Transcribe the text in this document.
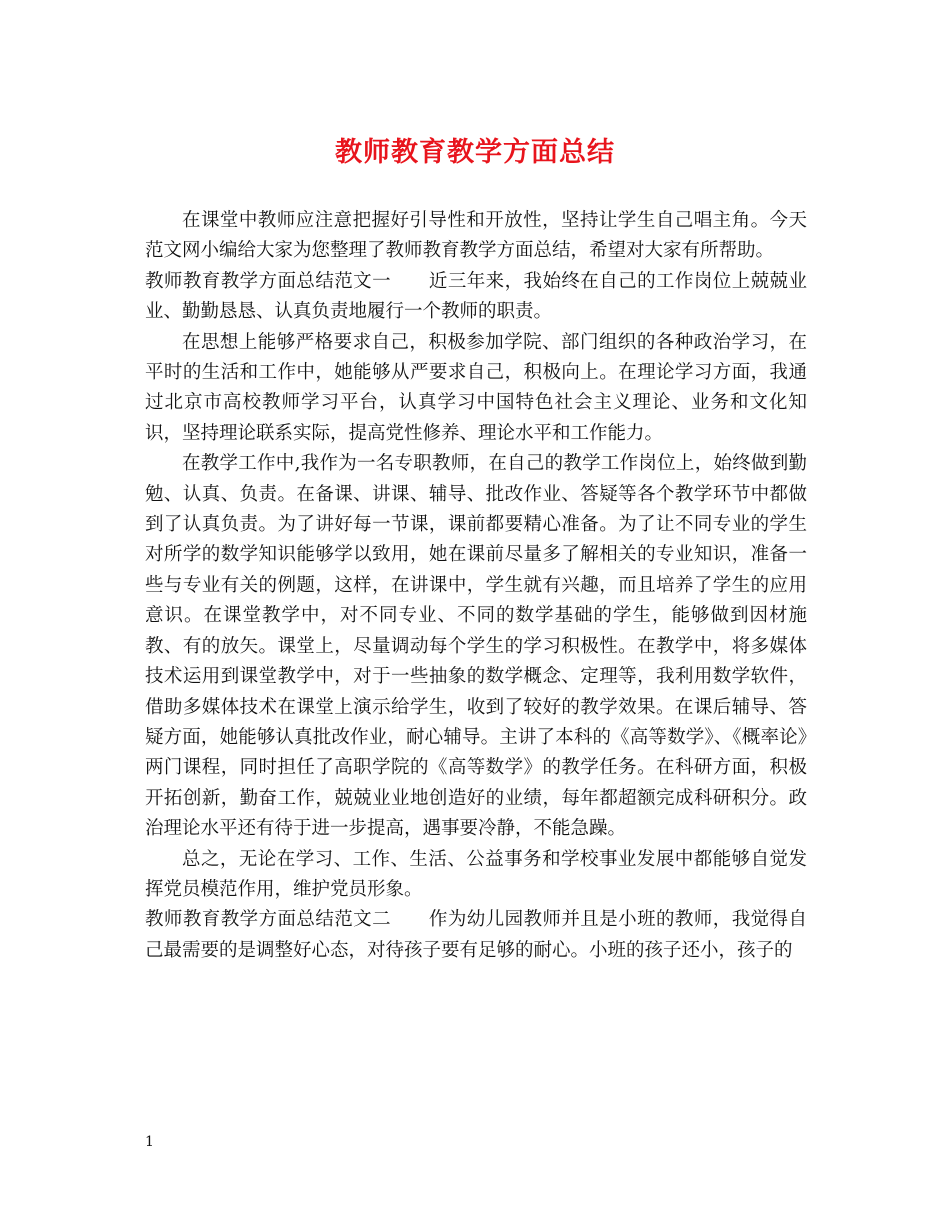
教师教育教学方面总结

在课堂中教师应注意把握好引导性和开放性，坚持让学生自己唱主角。今天范文网小编给大家为您整理了教师教育教学方面总结，希望对大家有所帮助。

教师教育教学方面总结范文一　　近三年来，我始终在自己的工作岗位上兢兢业业、勤勤恳恳、认真负责地履行一个教师的职责。

在思想上能够严格要求自己，积极参加学院、部门组织的各种政治学习，在平时的生活和工作中，她能够从严要求自己，积极向上。在理论学习方面，我通过北京市高校教师学习平台，认真学习中国特色社会主义理论、业务和文化知识，坚持理论联系实际，提高党性修养、理论水平和工作能力。

在教学工作中,我作为一名专职教师，在自己的教学工作岗位上，始终做到勤勉、认真、负责。在备课、讲课、辅导、批改作业、答疑等各个教学环节中都做到了认真负责。为了讲好每一节课，课前都要精心准备。为了让不同专业的学生对所学的数学知识能够学以致用，她在课前尽量多了解相关的专业知识，准备一些与专业有关的例题，这样，在讲课中，学生就有兴趣，而且培养了学生的应用意识。在课堂教学中，对不同专业、不同的数学基础的学生，能够做到因材施教、有的放矢。课堂上，尽量调动每个学生的学习积极性。在教学中，将多媒体技术运用到课堂教学中，对于一些抽象的数学概念、定理等，我利用数学软件，借助多媒体技术在课堂上演示给学生，收到了较好的教学效果。在课后辅导、答疑方面，她能够认真批改作业，耐心辅导。主讲了本科的《高等数学》、《概率论》两门课程，同时担任了高职学院的《高等数学》的教学任务。在科研方面，积极开拓创新，勤奋工作，兢兢业业地创造好的业绩，每年都超额完成科研积分。政治理论水平还有待于进一步提高，遇事要冷静，不能急躁。

总之，无论在学习、工作、生活、公益事务和学校事业发展中都能够自觉发挥党员模范作用，维护党员形象。

教师教育教学方面总结范文二　　作为幼儿园教师并且是小班的教师，我觉得自己最需要的是调整好心态，对待孩子要有足够的耐心。小班的孩子还小，孩子的

1
